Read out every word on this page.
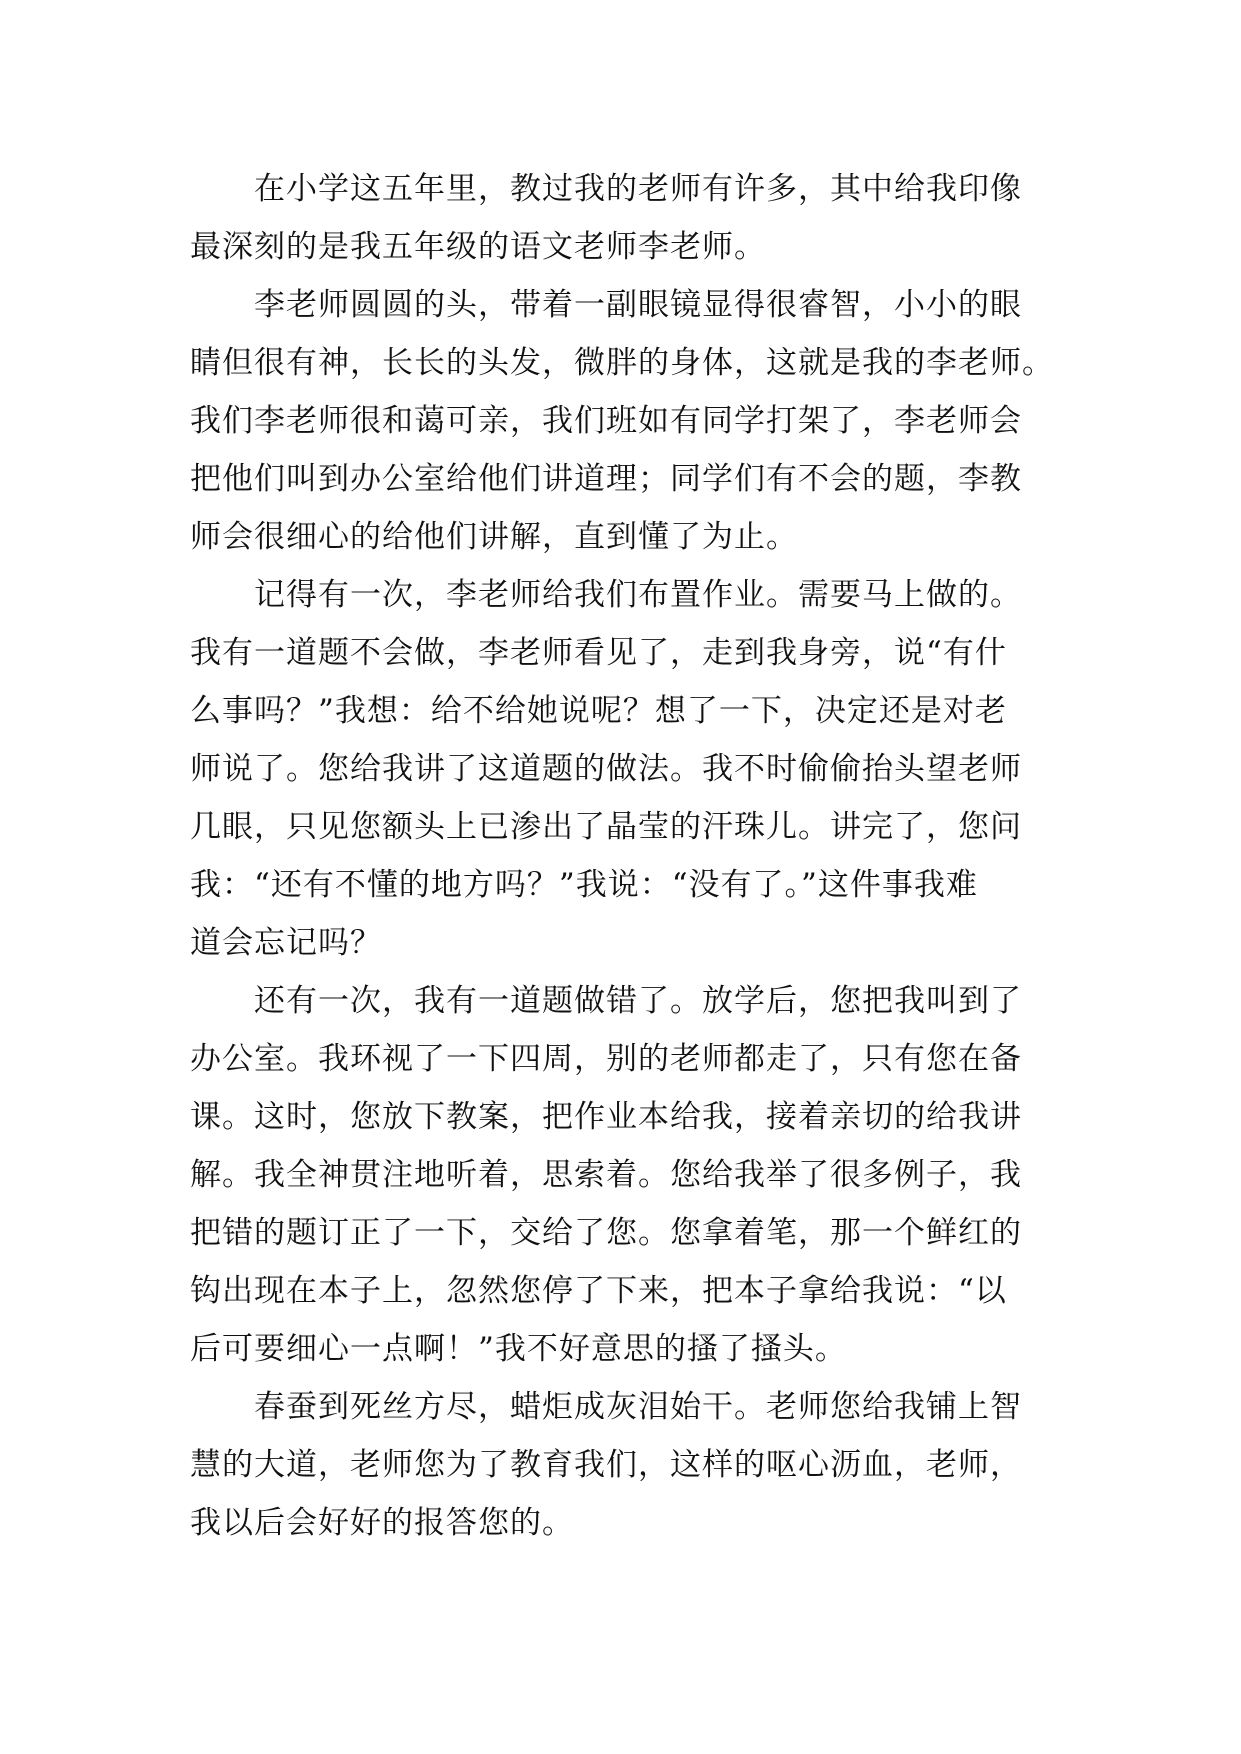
在小学这五年里，教过我的老师有许多，其中给我印像
最深刻的是我五年级的语文老师李老师。
李老师圆圆的头，带着一副眼镜显得很睿智，小小的眼
睛但很有神，长长的头发，微胖的身体，这就是我的李老师。
我们李老师很和蔼可亲，我们班如有同学打架了，李老师会
把他们叫到办公室给他们讲道理；同学们有不会的题，李教
师会很细心的给他们讲解，直到懂了为止。
记得有一次，李老师给我们布置作业。需要马上做的。
我有一道题不会做，李老师看见了，走到我身旁，说“有什
么事吗？”我想：给不给她说呢？想了一下，决定还是对老
师说了。您给我讲了这道题的做法。我不时偷偷抬头望老师
几眼，只见您额头上已渗出了晶莹的汗珠儿。讲完了，您问
我：“还有不懂的地方吗？”我说：“没有了。”这件事我难
道会忘记吗？
还有一次，我有一道题做错了。放学后，您把我叫到了
办公室。我环视了一下四周，别的老师都走了，只有您在备
课。这时，您放下教案，把作业本给我，接着亲切的给我讲
解。我全神贯注地听着，思索着。您给我举了很多例子，我
把错的题订正了一下，交给了您。您拿着笔，那一个鲜红的
钩出现在本子上，忽然您停了下来，把本子拿给我说：“以
后可要细心一点啊！”我不好意思的搔了搔头。
春蚕到死丝方尽，蜡炬成灰泪始干。老师您给我铺上智
慧的大道，老师您为了教育我们，这样的呕心沥血，老师，
我以后会好好的报答您的。
